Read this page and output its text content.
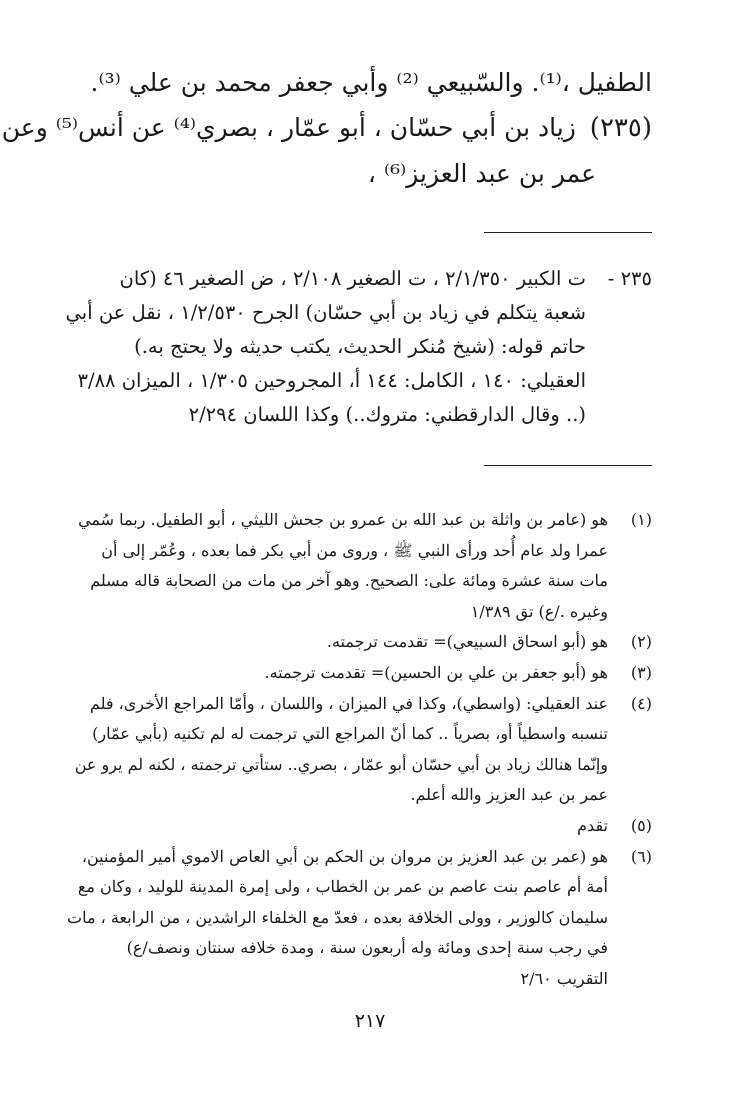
الطفيل ،⁽¹⁾. والسّبيعي ⁽²⁾ وأبي جعفر محمد بن علي ⁽³⁾.
(٢٣٥) زياد بن أبي حسّان ، أبو عمّار ، بصري⁽⁴⁾ عن أنس⁽⁵⁾ وعن
عمر بن عبد العزيز⁽⁶⁾ ،
٢٣٥ -
ت الكبير ٢/١/٣٥٠ ، ت الصغير ٢/١٠٨ ، ض الصغير ٤٦ (كان
شعبة يتكلم في زياد بن أبي حسّان) الجرح ١/٢/٥٣٠ ، نقل عن أبي
حاتم قوله: (شيخ مُنكر الحديث، يكتب حديثه ولا يحتج به.)
العقيلي: ١٤٠ ، الكامل: ١٤٤ أ، المجروحين ١/٣٠٥ ، الميزان ٣/٨٨
(.. وقال الدارقطني: متروك..) وكذا اللسان ٢/٢٩٤
(١)
هو (عامر بن واثلة بن عبد الله بن عمرو بن جحش الليثي ، أبو الطفيل. ربما سُمي
عمرا ولد عام أُحد ورأى النبي ﷺ ، وروى من أبي بكر فما بعده ، وعُمّر إلى أن
مات سنة عشرة ومائة على: الصحيح. وهو آخر من مات من الصحابة قاله مسلم
وغيره ./ع) تق ١/٣٨٩
(٢)
هو (أبو اسحاق السبيعي)= تقدمت ترجمته.
(٣)
هو (أبو جعفر بن علي بن الحسين)= تقدمت ترجمته.
(٤)
عند العقيلي: (واسطي)، وكذا في الميزان ، واللسان ، وأمّا المراجع الأخرى، فلم
تنسبه واسطياً أو، بصرياً .. كما أنّ المراجع التي ترجمت له لم تكنيه (بأبي عمّار)
وإنّما هنالك زياد بن أبي حسّان أبو عمّار ، بصري.. ستأتي ترجمته ، لكنه لم يرو عن
عمر بن عبد العزيز والله أعلم.
(٥)
تقدم
(٦)
هو (عمر بن عبد العزيز بن مروان بن الحكم بن أبي العاص الاموي أمير المؤمنين،
أمة أم عاصم بنت عاصم بن عمر بن الخطاب ، ولى إمرة المدينة للوليد ، وكان مع
سليمان كالوزير ، وولى الخلافة بعده ، فعدّ مع الخلفاء الراشدين ، من الرابعة ، مات
في رجب سنة إحدى ومائة وله أربعون سنة ، ومدة خلافه سنتان ونصف/ع)
التقريب ٢/٦٠
٢١٧
